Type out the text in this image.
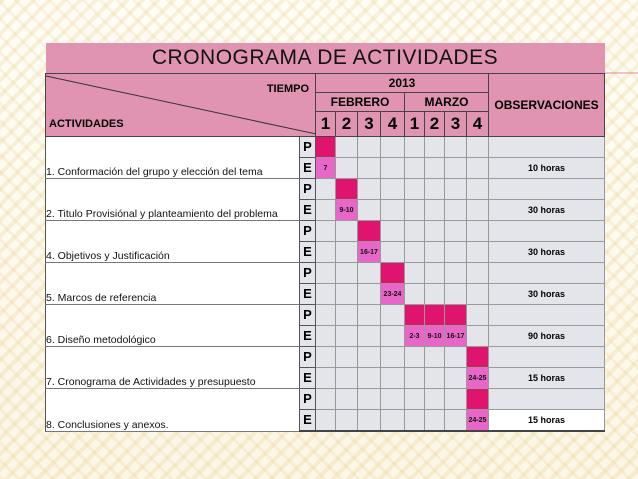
CRONOGRAMA DE ACTIVIDADES										

TIEMPO
ACTIVIDADES		2013								OBSERVACIONES
		FEBRERO				MARZO				
		1	2	3	4	1	2	3	4	
1. Conformación del grupo y elección del tema	P									
	E	7								10 horas
2. Titulo Provisiónal y planteamiento del problema	P									
	E		9-10							30 horas
4. Objetivos y Justificación	P									
	E			16-17						30 horas
5. Marcos de referencia	P									
	E				23-24					30 horas
6. Diseño metodológico	P									
	E					2-3	9-10	16-17		90 horas
7. Cronograma de Actividades y presupuesto	P									
	E								24-25	15 horas
8. Conclusiones y anexos.	P									
	E								24-25	15 horas
